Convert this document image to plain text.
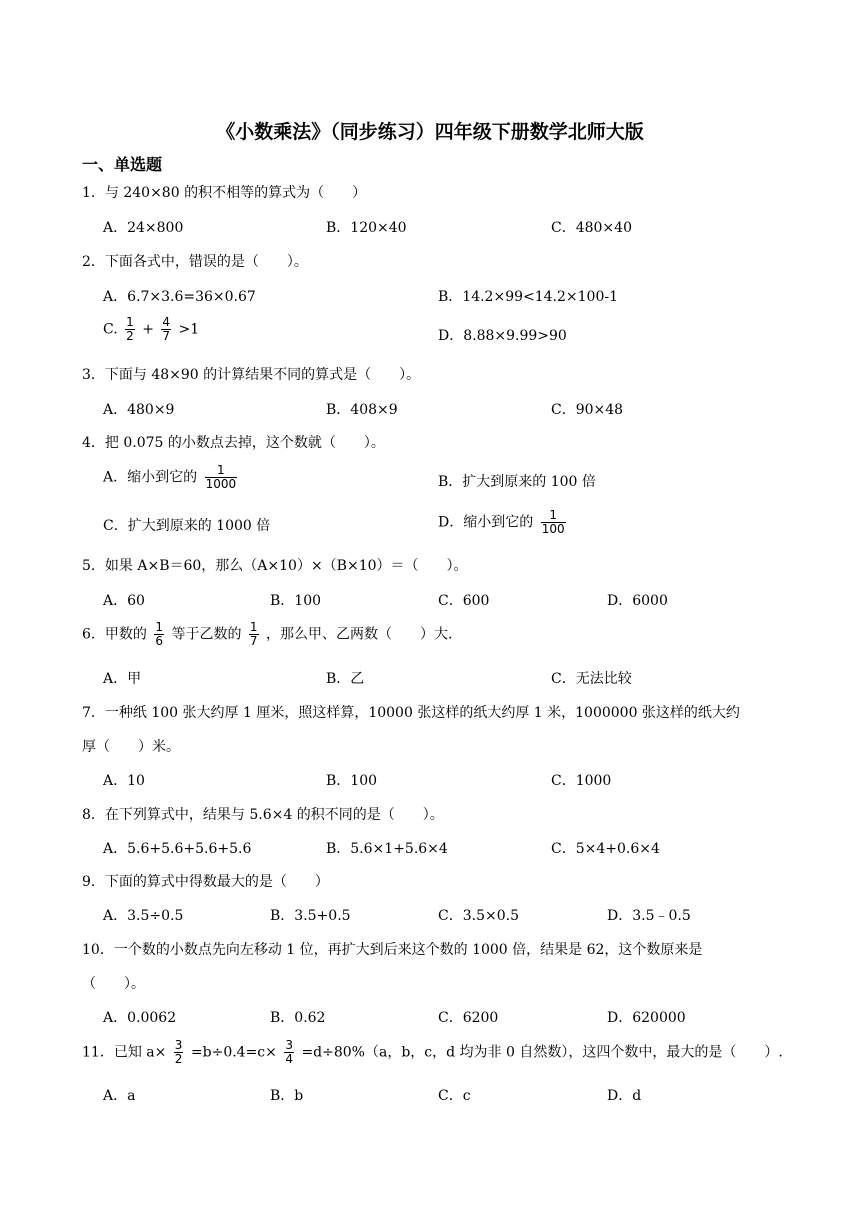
《小数乘法》（同步练习）四年级下册数学北师大版
一、单选题
1．与 240×80 的积不相等的算式为（　　）
A．24×800	B．120×40	C．480×40
2．下面各式中，错误的是（　　）。
A．6.7×3.6=36×0.67	B．14.2×99<14.2×100-1
C. $\frac{1}{2} + \frac{4}{7} >1$	D．8.88×9.99>90
3．下面与 48×90 的计算结果不同的算式是（　　）。
A．480×9	B．408×9	C．90×48
4．把 0.075 的小数点去掉，这个数就（　　）。
A．缩小到它的 $\frac{1}{1000}$	B．扩大到原来的 100 倍
C．扩大到原来的 1000 倍	D．缩小到它的 $\frac{1}{100}$
5．如果 A×B＝60，那么（A×10）×（B×10）＝（　　）。
A．60	B．100	C．600	D．6000
6．甲数的 $\frac{1}{6}$ 等于乙数的 $\frac{1}{7}$ ，那么甲、乙两数（　　）大.
A．甲	B．乙	C．无法比较
7．一种纸 100 张大约厚 1 厘米，照这样算，10000 张这样的纸大约厚 1 米，1000000 张这样的纸大约
厚（　　）米。
A．10	B．100	C．1000
8．在下列算式中，结果与 5.6×4 的积不同的是（　　）。
A．5.6+5.6+5.6+5.6	B．5.6×1+5.6×4	C．5×4+0.6×4
9．下面的算式中得数最大的是（　　）
A．3.5÷0.5	B．3.5+0.5	C．3.5×0.5	D．3.5﹣0.5
10．一个数的小数点先向左移动 1 位，再扩大到后来这个数的 1000 倍，结果是 62，这个数原来是
（　　）。
A．0.0062	B．0.62	C．6200	D．620000
11．已知 $a\times \frac{3}{2} =b\div 0.4=c\times \frac{3}{4} =d\div 80\%(a$，b，c，d 均为非 0 自然数），这四个数中，最大的是（　　）.
A．a	B．b	C．c	D．d
